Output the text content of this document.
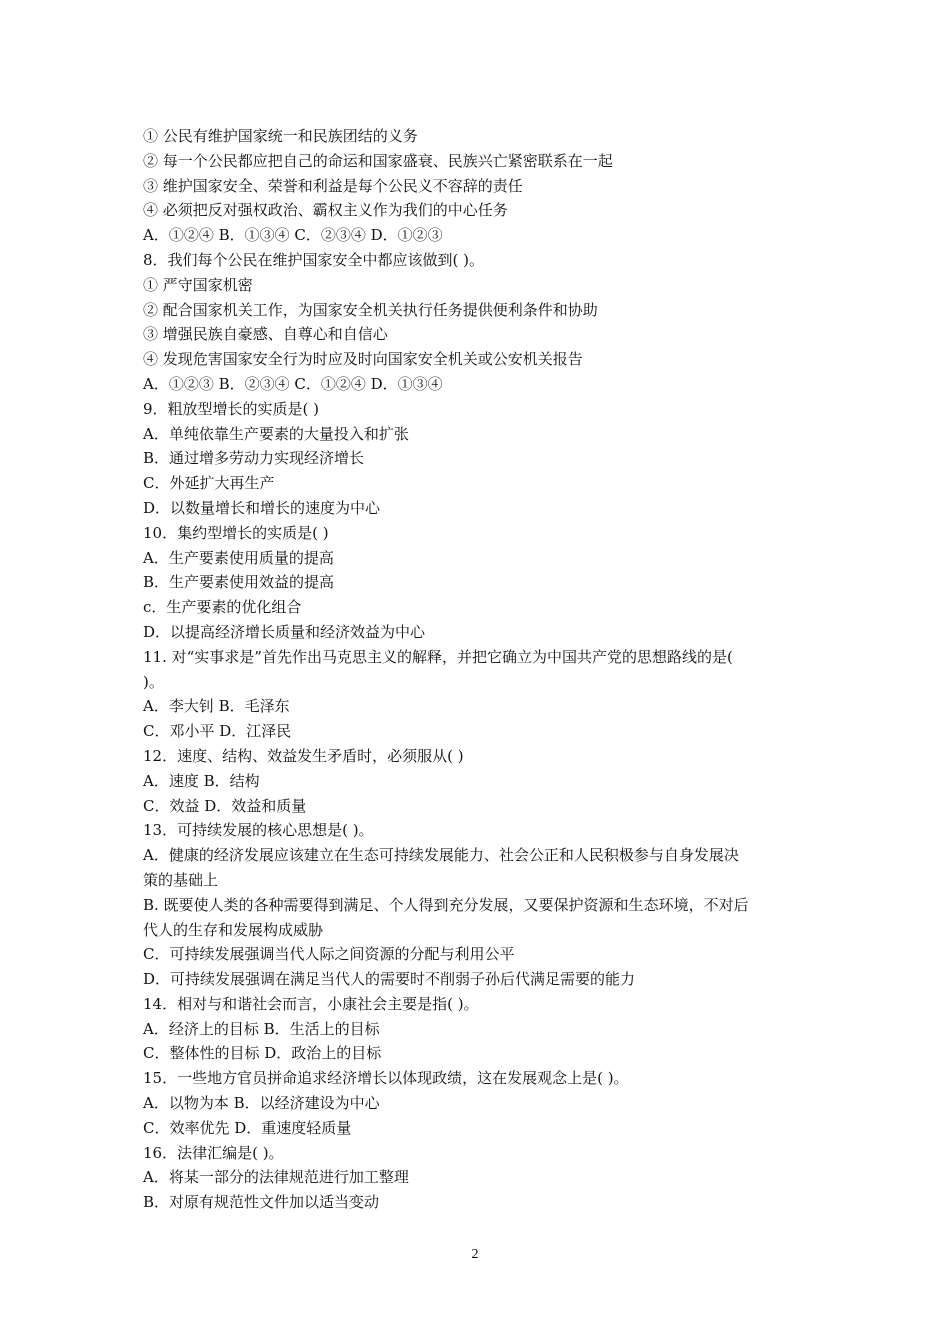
① 公民有维护国家统一和民族团结的义务
② 每一个公民都应把自己的命运和国家盛衰、民族兴亡紧密联系在一起
③ 维护国家安全、荣誉和利益是每个公民义不容辞的责任
④ 必须把反对强权政治、霸权主义作为我们的中心任务
A．①②④ B．①③④ C．②③④ D．①②③
8．我们每个公民在维护国家安全中都应该做到( )。
① 严守国家机密
② 配合国家机关工作，为国家安全机关执行任务提供便利条件和协助
③ 增强民族自豪感、自尊心和自信心
④ 发现危害国家安全行为时应及时向国家安全机关或公安机关报告
A．①②③ B．②③④ C．①②④ D．①③④
9．粗放型增长的实质是( )
A．单纯依靠生产要素的大量投入和扩张
B．通过增多劳动力实现经济增长
C．外延扩大再生产
D．以数量增长和增长的速度为中心
10．集约型增长的实质是( )
A．生产要素使用质量的提高
B．生产要素使用效益的提高
c．生产要素的优化组合
D．以提高经济增长质量和经济效益为中心
11. 对“实事求是”首先作出马克思主义的解释，并把它确立为中国共产党的思想路线的是(
)。
A．李大钊 B．毛泽东
C．邓小平 D．江泽民
12．速度、结构、效益发生矛盾时，必须服从( )
A．速度 B．结构
C．效益 D．效益和质量
13．可持续发展的核心思想是( )。
A．健康的经济发展应该建立在生态可持续发展能力、社会公正和人民积极参与自身发展决
策的基础上
B. 既要使人类的各种需要得到满足、个人得到充分发展，又要保护资源和生态环境，不对后
代人的生存和发展构成威胁
C．可持续发展强调当代人际之间资源的分配与利用公平
D．可持续发展强调在满足当代人的需要时不削弱子孙后代满足需要的能力
14．相对与和谐社会而言，小康社会主要是指( )。
A．经济上的目标 B．生活上的目标
C．整体性的目标 D．政治上的目标
15．一些地方官员拼命追求经济增长以体现政绩，这在发展观念上是( )。
A．以物为本 B．以经济建设为中心
C．效率优先 D．重速度轻质量
16．法律汇编是( )。
A．将某一部分的法律规范进行加工整理
B．对原有规范性文件加以适当变动
2
